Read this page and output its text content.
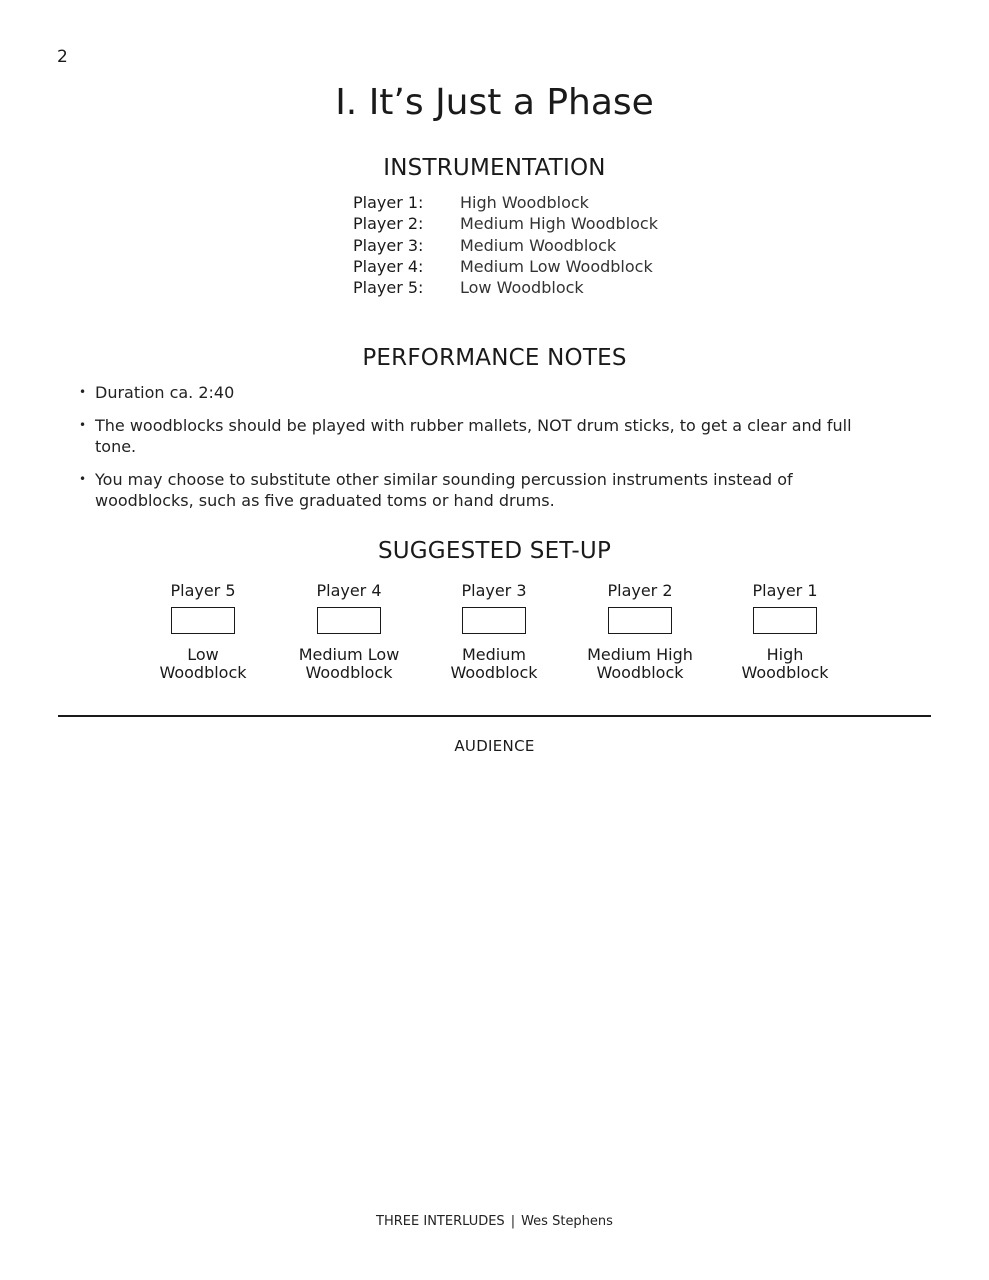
2
I. It’s Just a Phase
INSTRUMENTATION
Player 1: High Woodblock
Player 2: Medium High Woodblock
Player 3: Medium Woodblock
Player 4: Medium Low Woodblock
Player 5: Low Woodblock
PERFORMANCE NOTES
• Duration ca. 2:40
• The woodblocks should be played with rubber mallets, NOT drum sticks, to get a clear and full tone.
• You may choose to substitute other similar sounding percussion instruments instead of woodblocks, such as five graduated toms or hand drums.
SUGGESTED SET-UP
Player 5
Low
Woodblock
Player 4
Medium Low
Woodblock
Player 3
Medium
Woodblock
Player 2
Medium High
Woodblock
Player 1
High
Woodblock
AUDIENCE
THREE INTERLUDES | Wes Stephens
